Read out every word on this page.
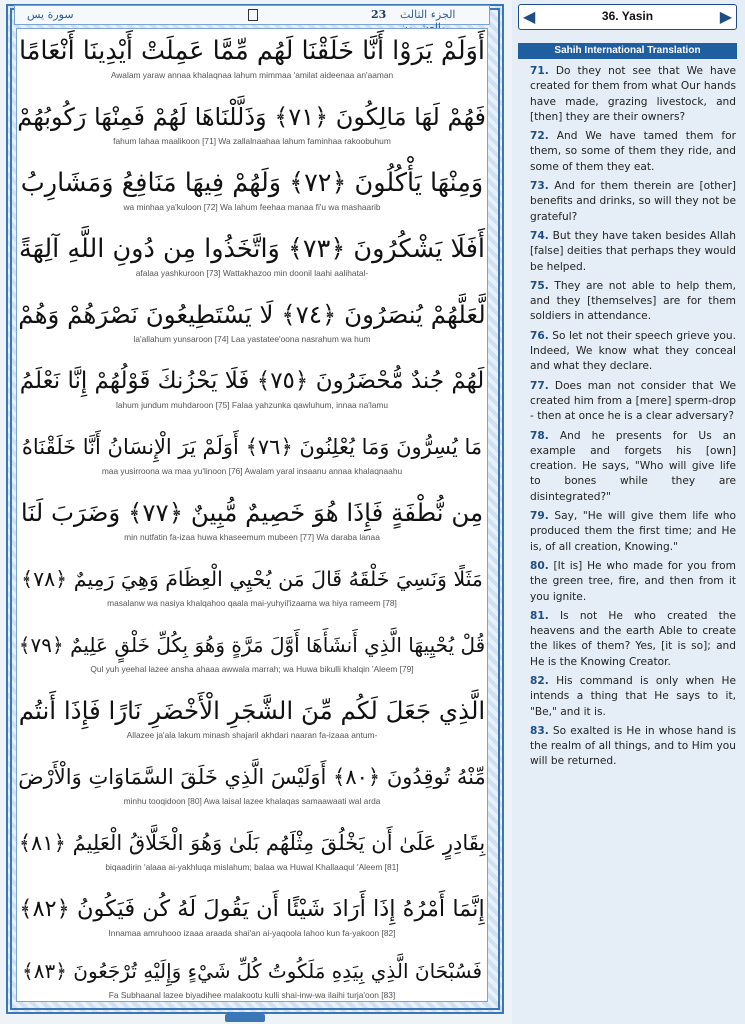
سورة يس	23	الجزء الثالث
أَوَلَمْ يَرَوْا أَنَّا خَلَقْنَا لَهُم مِّمَّا عَمِلَتْ أَيْدِينَا أَنْعَامًا
Awalam yaraw annaa khalaqnaa lahum mimmaa 'amilat aideenaa an'aaman
فَهُمْ لَهَا مَالِكُونَ ﴿٧١﴾ وَذَلَّلْنَاهَا لَهُمْ فَمِنْهَا رَكُوبُهُمْ
fahum lahaa maalikoon [71] Wa zallalnaahaa lahum faminhaa rakoobuhum
وَمِنْهَا يَأْكُلُونَ ﴿٧٢﴾ وَلَهُمْ فِيهَا مَنَافِعُ وَمَشَارِبُ
wa minhaa ya'kuloon [72] Wa lahum feehaa manaa fi'u wa mashaarib
أَفَلَا يَشْكُرُونَ ﴿٧٣﴾ وَاتَّخَذُوا مِن دُونِ اللَّهِ آلِهَةً
afalaa yashkuroon [73] Wattakhazoo min doonil laahi aalihatal-
لَّعَلَّهُمْ يُنصَرُونَ ﴿٧٤﴾ لَا يَسْتَطِيعُونَ نَصْرَهُمْ وَهُمْ
la'allahum yunsaroon [74] Laa yastatee'oona nasrahum wa hum
لَهُمْ جُندٌ مُّحْضَرُونَ ﴿٧٥﴾ فَلَا يَحْزُنكَ قَوْلُهُمْ إِنَّا نَعْلَمُ
lahum jundum muhdaroon [75] Falaa yahzunka qawluhum, innaa na'lamu
مَا يُسِرُّونَ وَمَا يُعْلِنُونَ ﴿٧٦﴾ أَوَلَمْ يَرَ الْإِنسَانُ أَنَّا خَلَقْنَاهُ
maa yusirroona wa maa yu'linoon [76] Awalam yaral insaanu annaa khalaqnaahu
مِن نُّطْفَةٍ فَإِذَا هُوَ خَصِيمٌ مُّبِينٌ ﴿٧٧﴾ وَضَرَبَ لَنَا
min nutfatin fa-izaa huwa khaseemum mubeen [77] Wa daraba lanaa
مَثَلًا وَنَسِيَ خَلْقَهُ قَالَ مَن يُحْيِي الْعِظَامَ وَهِيَ رَمِيمٌ ﴿٧٨﴾
masalanw wa nasiya khalqahoo qaala mai-yuhyil'izaama wa hiya rameem [78]
قُلْ يُحْيِيهَا الَّذِي أَنشَأَهَا أَوَّلَ مَرَّةٍ وَهُوَ بِكُلِّ خَلْقٍ عَلِيمٌ ﴿٧٩﴾
Qul yuh yeehal lazee ansha ahaaa awwala marrah; wa Huwa bikulli khalqin 'Aleem [79]
الَّذِي جَعَلَ لَكُم مِّنَ الشَّجَرِ الْأَخْضَرِ نَارًا فَإِذَا أَنتُم
Allazee ja'ala lakum minash shajaril akhdari naaran fa-izaaa antum-
مِّنْهُ تُوقِدُونَ ﴿٨٠﴾ أَوَلَيْسَ الَّذِي خَلَقَ السَّمَاوَاتِ وَالْأَرْضَ
minhu tooqidoon [80] Awa laisal lazee khalaqas samaawaati wal arda
بِقَادِرٍ عَلَىٰ أَن يَخْلُقَ مِثْلَهُم بَلَىٰ وَهُوَ الْخَلَّاقُ الْعَلِيمُ ﴿٨١﴾
biqaadirin 'alaaa ai-yakhluqa mislahum; balaa wa Huwal Khallaaqul 'Aleem [81]
إِنَّمَا أَمْرُهُ إِذَا أَرَادَ شَيْئًا أَن يَقُولَ لَهُ كُن فَيَكُونُ ﴿٨٢﴾
Innamaa amruhooo izaaa araada shai'an ai-yaqoola lahoo kun fa-yakoon [82]
فَسُبْحَانَ الَّذِي بِيَدِهِ مَلَكُوتُ كُلِّ شَيْءٍ وَإِلَيْهِ تُرْجَعُونَ ﴿٨٣﴾
Fa Subhaanal lazee biyadihee malakootu kulli shai-inw-wa ilaihi turja'oon [83]
◀	36. Yasin	▶
Sahih International Translation

71. Do they not see that We have created for them from what Our hands have made, grazing livestock, and [then] they are their owners?

72. And We have tamed them for them, so some of them they ride, and some of them they eat.

73. And for them therein are [other] benefits and drinks, so will they not be grateful?

74. But they have taken besides Allah [false] deities that perhaps they would be helped.

75. They are not able to help them, and they [themselves] are for them soldiers in attendance.

76. So let not their speech grieve you. Indeed, We know what they conceal and what they declare.

77. Does man not consider that We created him from a [mere] sperm-drop - then at once he is a clear adversary?

78. And he presents for Us an example and forgets his [own] creation. He says, "Who will give life to bones while they are disintegrated?"

79. Say, "He will give them life who produced them the first time; and He is, of all creation, Knowing."

80. [It is] He who made for you from the green tree, fire, and then from it you ignite.

81. Is not He who created the heavens and the earth Able to create the likes of them? Yes, [it is so]; and He is the Knowing Creator.

82. His command is only when He intends a thing that He says to it, "Be," and it is.

83. So exalted is He in whose hand is the realm of all things, and to Him you will be returned.
